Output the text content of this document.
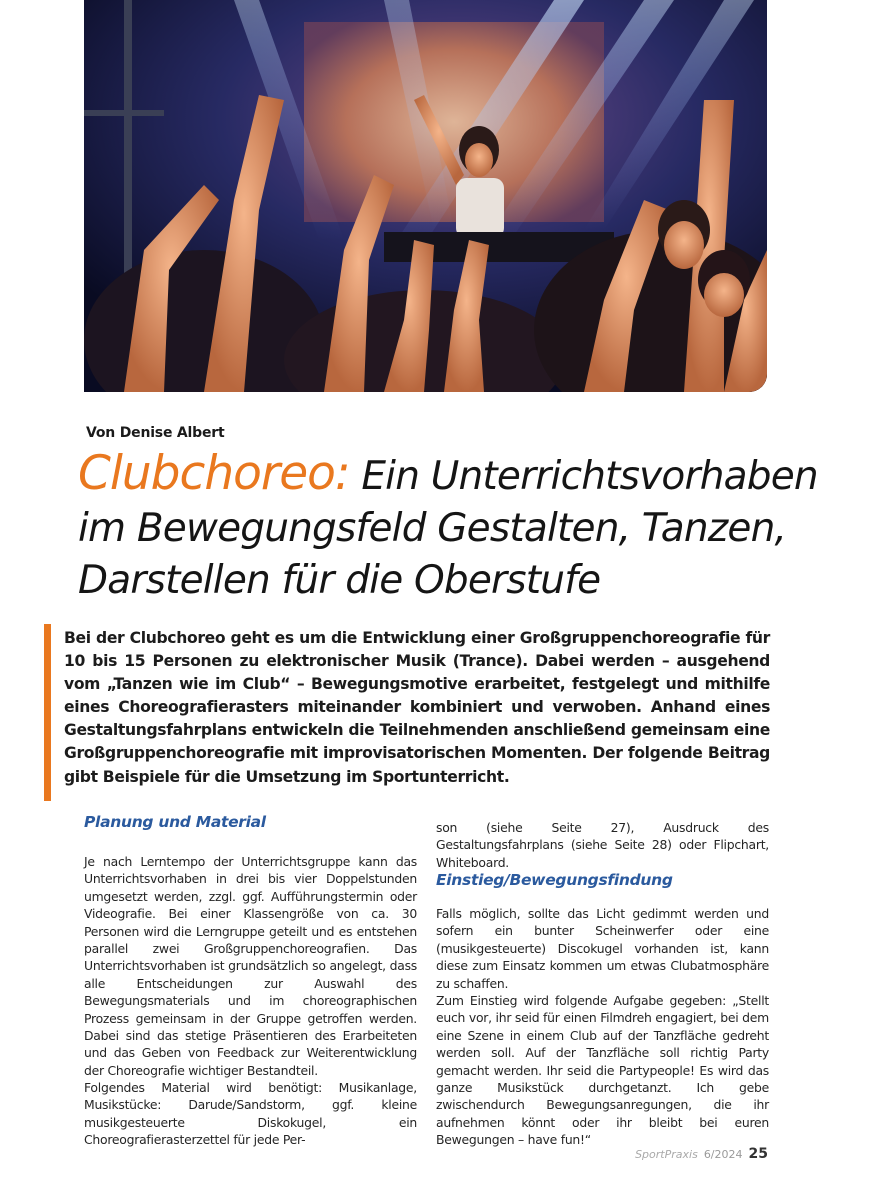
Von Denise Albert
Clubchoreo: Ein Unterrichtsvorhaben im Bewegungsfeld Gestalten, Tanzen, Darstellen für die Oberstufe

Bei der Clubchoreo geht es um die Entwicklung einer Großgruppenchoreografie für 10 bis 15 Personen zu elektronischer Musik (Trance). Dabei werden – ausgehend vom „Tanzen wie im Club“ – Bewegungsmotive erarbeitet, festgelegt und mithilfe eines Choreografierasters miteinander kombiniert und verwoben. Anhand eines Gestaltungsfahrplans entwickeln die Teilnehmenden anschließend gemeinsam eine Großgruppenchoreografie mit improvisatorischen Momenten. Der folgende Beitrag gibt Beispiele für die Umsetzung im Sportunterricht.

Planung und Material

Je nach Lerntempo der Unterrichtsgruppe kann das Unterrichtsvorhaben in drei bis vier Doppelstunden umgesetzt werden, zzgl. ggf. Aufführungstermin oder Videografie. Bei einer Klassengröße von ca. 30 Personen wird die Lerngruppe geteilt und es entstehen parallel zwei Großgruppenchoreografien. Das Unterrichtsvorhaben ist grundsätzlich so angelegt, dass alle Entscheidungen zur Auswahl des Bewegungsmaterials und im choreographischen Prozess gemeinsam in der Gruppe getroffen werden. Dabei sind das stetige Präsentieren des Erarbeiteten und das Geben von Feedback zur Weiterentwicklung der Choreografie wichtiger Bestandteil.

Folgendes Material wird benötigt: Musikanlage, Musikstücke: Darude/Sandstorm, ggf. kleine musikgesteuerte Diskokugel, ein Choreografierasterzettel für jede Per-

son (siehe Seite 27), Ausdruck des Gestaltungsfahrplans (siehe Seite 28) oder Flipchart, Whiteboard.

Einstieg/Bewegungsfindung

Falls möglich, sollte das Licht gedimmt werden und sofern ein bunter Scheinwerfer oder eine (musikgesteuerte) Discokugel vorhanden ist, kann diese zum Einsatz kommen um etwas Clubatmosphäre zu schaffen.

Zum Einstieg wird folgende Aufgabe gegeben: „Stellt euch vor, ihr seid für einen Filmdreh engagiert, bei dem eine Szene in einem Club auf der Tanzfläche gedreht werden soll. Auf der Tanzfläche soll richtig Party gemacht werden. Ihr seid die Partypeople! Es wird das ganze Musikstück durchgetanzt. Ich gebe zwischendurch Bewegungsanregungen, die ihr aufnehmen könnt oder ihr bleibt bei euren Bewegungen – have fun!“

SportPraxis 6/2024 25
